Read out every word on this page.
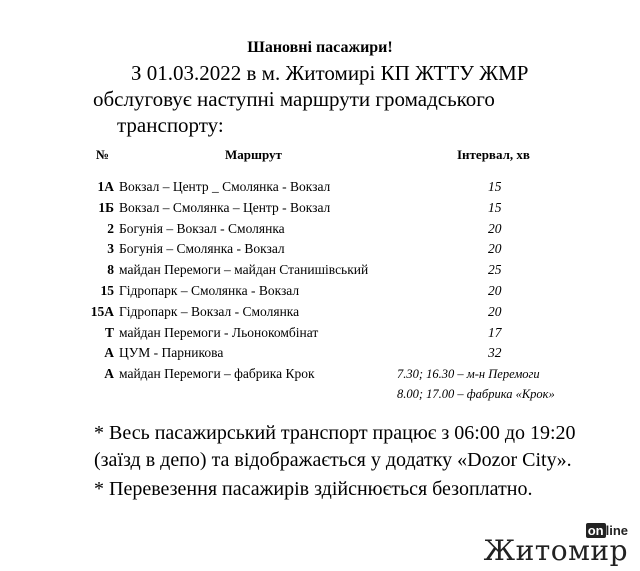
Шановні пасажири!
З 01.03.2022 в м. Житомирі КП ЖТТУ ЖМР
обслуговує наступні маршрути громадського
транспорту:
№	Маршрут	Інтервал, хв
1А Вокзал – Центр _ Смолянка - Вокзал	15
1Б Вокзал – Смолянка – Центр - Вокзал	15
2 Богунія – Вокзал - Смолянка	20
3 Богунія – Смолянка - Вокзал	20
8 майдан Перемоги – майдан Станишівський	25
15 Гідропарк – Смолянка - Вокзал	20
15А Гідропарк – Вокзал - Смолянка	20
Т майдан Перемоги - Льонокомбінат	17
А ЦУМ - Парникова	32
А майдан Перемоги – фабрика Крок	7.30; 16.30 – м-н Перемоги
8.00; 17.00 – фабрика «Крок»

* Весь пасажирський транспорт працює з 06:00 до 19:20 (заїзд в депо) та відображається у додатку «Dozor City».

* Перевезення пасажирів здійснюється безоплатно.

on line
Житомир
